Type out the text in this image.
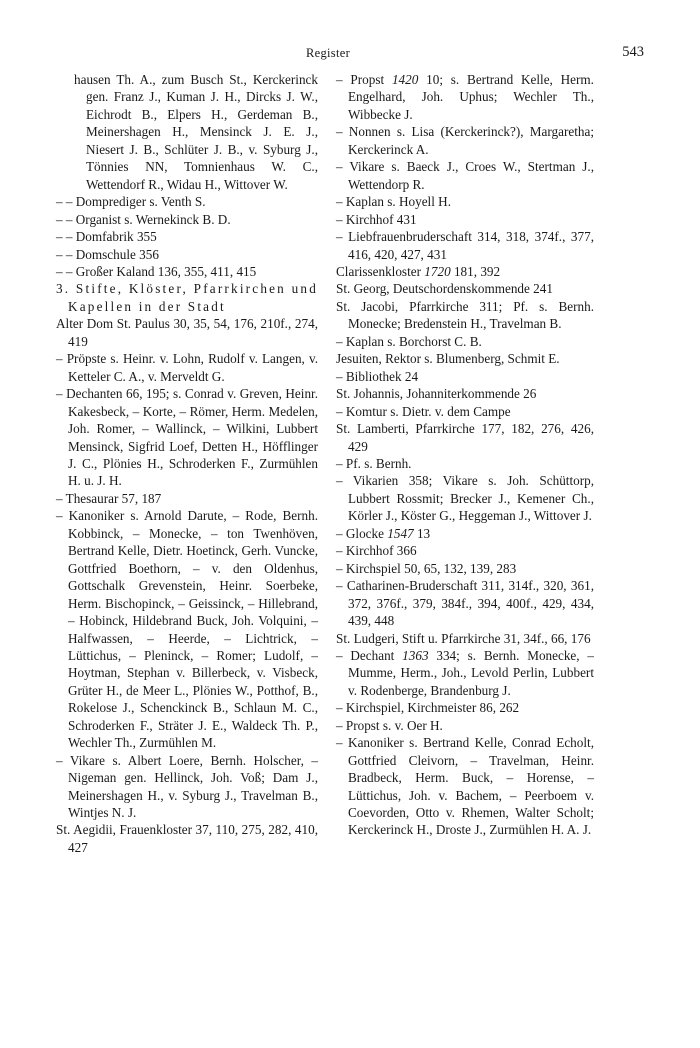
Register	543
hausen Th. A., zum Busch St., Kerckerinck gen. Franz J., Kuman J. H., Dircks J. W., Eichrodt B., Elpers H., Gerdeman B., Meinershagen H., Mensinck J. E. J., Niesert J. B., Schlüter J. B., v. Syburg J., Tönnies NN, Tomnienhaus W. C., Wettendorf R., Widau H., Wittover W.
– – Domprediger s. Venth S.
– – Organist s. Wernekinck B. D.
– – Domfabrik 355
– – Domschule 356
– – Großer Kaland 136, 355, 411, 415
3. Stifte, Klöster, Pfarrkirchen und Kapellen in der Stadt
Alter Dom St. Paulus 30, 35, 54, 176, 210f., 274, 419
– Pröpste s. Heinr. v. Lohn, Rudolf v. Langen, v. Ketteler C. A., v. Merveldt G.
– Dechanten 66, 195; s. Conrad v. Greven, Heinr. Kakesbeck, – Korte, – Römer, Herm. Medelen, Joh. Romer, – Wallinck, – Wilkini, Lubbert Mensinck, Sigfrid Loef, Detten H., Höfflinger J. C., Plönies H., Schroderken F., Zurmühlen H. u. J. H.
– Thesaurar 57, 187
– Kanoniker s. Arnold Darute, – Rode, Bernh. Kobbinck, – Monecke, – ton Twenhöven, Bertrand Kelle, Dietr. Hoetinck, Gerh. Vuncke, Gottfried Boethorn, – v. den Oldenhus, Gottschalk Grevenstein, Heinr. Soerbeke, Herm. Bischopinck, – Geissinck, – Hillebrand, – Hobinck, Hildebrand Buck, Joh. Volquini, – Halfwassen, – Heerde, – Lichtrick, – Lüttichus, – Pleninck, – Romer; Ludolf, – Hoytman, Stephan v. Billerbeck, v. Visbeck, Grüter H., de Meer L., Plönies W., Potthof, B., Rokelose J., Schenckinck B., Schlaun M. C., Schroderken F., Sträter J. E., Waldeck Th. P., Wechler Th., Zurmühlen M.
– Vikare s. Albert Loere, Bernh. Holscher, – Nigeman gen. Hellinck, Joh. Voß; Dam J., Meinershagen H., v. Syburg J., Travelman B., Wintjes N. J.
St. Aegidii, Frauenkloster 37, 110, 275, 282, 410, 427
– Propst 1420 10; s. Bertrand Kelle, Herm. Engelhard, Joh. Uphus; Wechler Th., Wibbecke J.
– Nonnen s. Lisa (Kerckerinck?), Margaretha; Kerckerinck A.
– Vikare s. Baeck J., Croes W., Stertman J., Wettendorp R.
– Kaplan s. Hoyell H.
– Kirchhof 431
– Liebfrauenbruderschaft 314, 318, 374f., 377, 416, 420, 427, 431
Clarissenkloster 1720 181, 392
St. Georg, Deutschordenskommende 241
St. Jacobi, Pfarrkirche 311; Pf. s. Bernh. Monecke; Bredenstein H., Travelman B.
– Kaplan s. Borchorst C. B.
Jesuiten, Rektor s. Blumenberg, Schmit E.
– Bibliothek 24
St. Johannis, Johanniterkommende 26
– Komtur s. Dietr. v. dem Campe
St. Lamberti, Pfarrkirche 177, 182, 276, 426, 429
– Pf. s. Bernh.
– Vikarien 358; Vikare s. Joh. Schüttorp, Lubbert Rossmit; Brecker J., Kemener Ch., Körler J., Köster G., Heggeman J., Wittover J.
– Glocke 1547 13
– Kirchhof 366
– Kirchspiel 50, 65, 132, 139, 283
– Catharinen-Bruderschaft 311, 314f., 320, 361, 372, 376f., 379, 384f., 394, 400f., 429, 434, 439, 448
St. Ludgeri, Stift u. Pfarrkirche 31, 34f., 66, 176
– Dechant 1363 334; s. Bernh. Monecke, – Mumme, Herm., Joh., Levold Perlin, Lubbert v. Rodenberge, Brandenburg J.
– Kirchspiel, Kirchmeister 86, 262
– Propst s. v. Oer H.
– Kanoniker s. Bertrand Kelle, Conrad Echolt, Gottfried Cleivorn, – Travelman, Heinr. Bradbeck, Herm. Buck, – Horense, – Lüttichus, Joh. v. Bachem, – Peerboem v. Coevorden, Otto v. Rhemen, Walter Scholt; Kerckerinck H., Droste J., Zurmühlen H. A. J.
